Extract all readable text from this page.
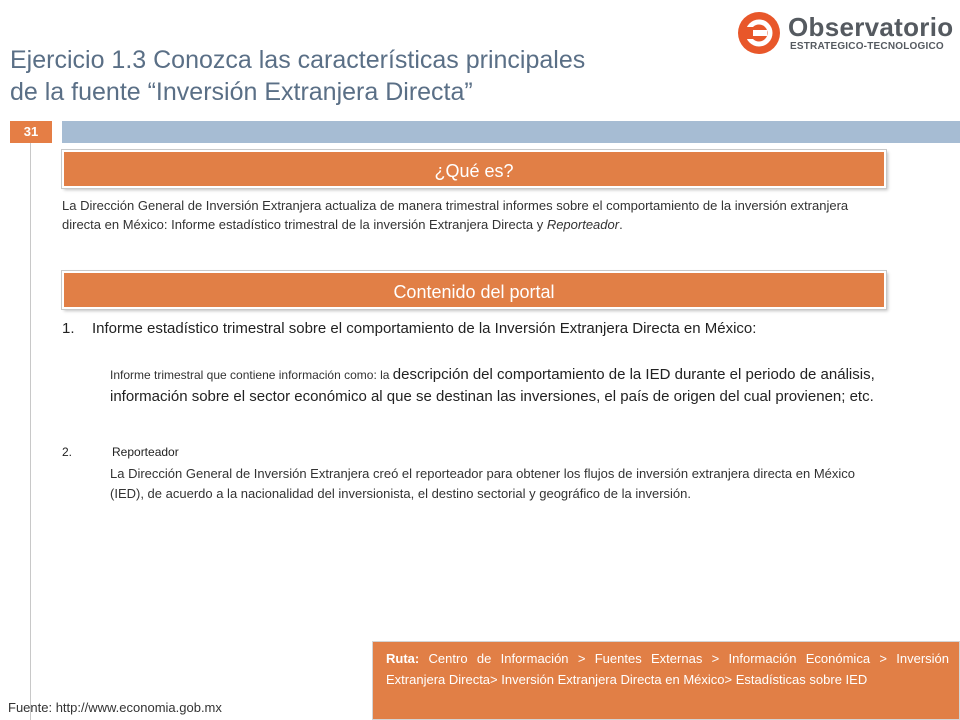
Ejercicio 1.3 Conozca las características principales
de la fuente “Inversión Extranjera Directa”
Observatorio
ESTRATEGICO-TECNOLOGICO
31
¿Qué es?
La Dirección General de Inversión Extranjera actualiza de manera trimestral informes sobre el comportamiento de la inversión extranjera directa en México: Informe estadístico trimestral de la inversión Extranjera Directa y Reporteador.
Contenido del portal
1. Informe estadístico trimestral sobre el comportamiento de la Inversión Extranjera Directa en México:
Informe trimestral que contiene información como: la descripción del comportamiento de la IED durante el periodo de análisis, información sobre el sector económico al que se destinan las inversiones, el país de origen del cual provienen; etc.
2.	Reporteador
La Dirección General de Inversión Extranjera creó el reporteador para obtener los flujos de inversión extranjera directa en México (IED), de acuerdo a la nacionalidad del inversionista, el destino sectorial y geográfico de la inversión.
Ruta: Centro de Información > Fuentes Externas > Información Económica > Inversión Extranjera Directa> Inversión Extranjera Directa en México> Estadísticas sobre IED
Fuente: http://www.economia.gob.mx
